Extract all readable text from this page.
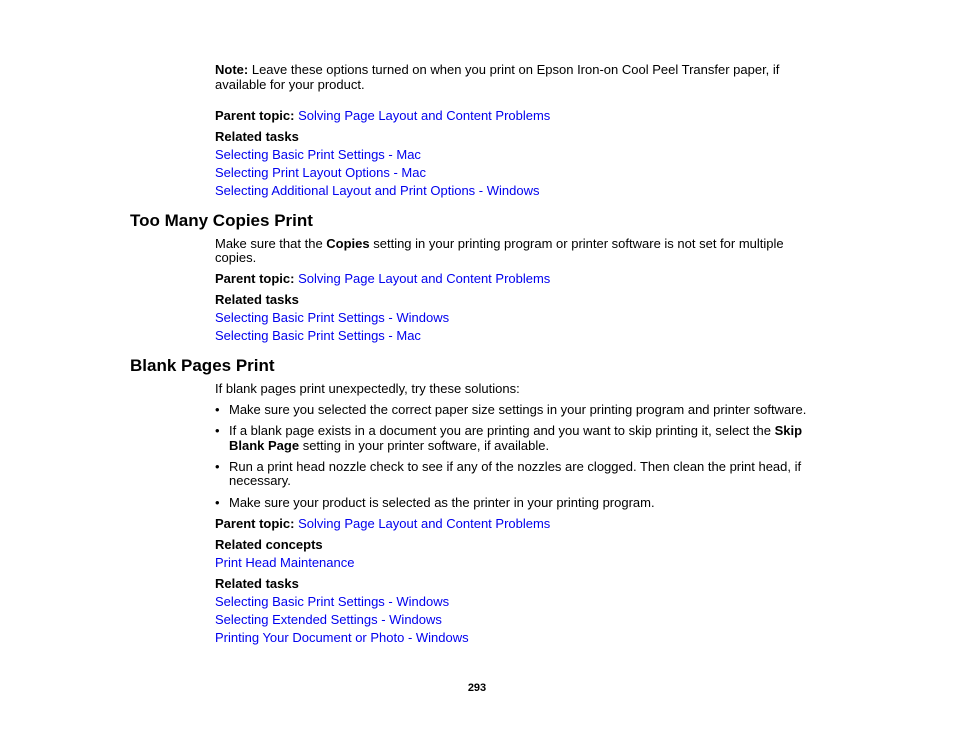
Note: Leave these options turned on when you print on Epson Iron-on Cool Peel Transfer paper, if
available for your product.
Parent topic: Solving Page Layout and Content Problems
Related tasks
Selecting Basic Print Settings - Mac
Selecting Print Layout Options - Mac
Selecting Additional Layout and Print Options - Windows
Too Many Copies Print
Make sure that the Copies setting in your printing program or printer software is not set for multiple
copies.
Parent topic: Solving Page Layout and Content Problems
Related tasks
Selecting Basic Print Settings - Windows
Selecting Basic Print Settings - Mac
Blank Pages Print
If blank pages print unexpectedly, try these solutions:
• Make sure you selected the correct paper size settings in your printing program and printer software.
• If a blank page exists in a document you are printing and you want to skip printing it, select the Skip
Blank Page setting in your printer software, if available.
• Run a print head nozzle check to see if any of the nozzles are clogged. Then clean the print head, if
necessary.
• Make sure your product is selected as the printer in your printing program.
Parent topic: Solving Page Layout and Content Problems
Related concepts
Print Head Maintenance
Related tasks
Selecting Basic Print Settings - Windows
Selecting Extended Settings - Windows
Printing Your Document or Photo - Windows
293
